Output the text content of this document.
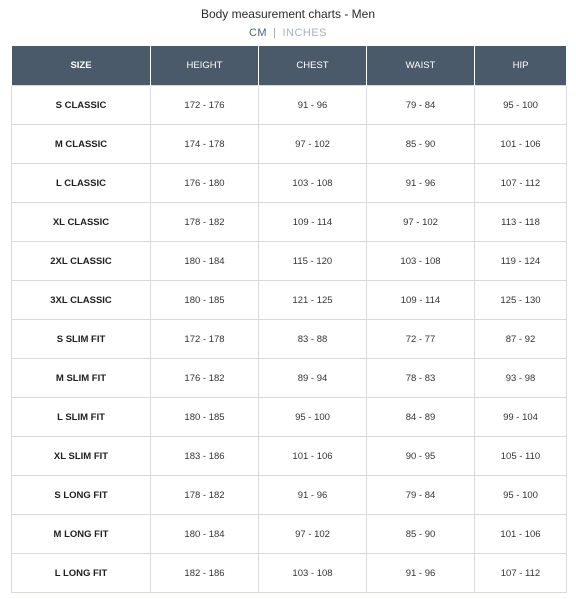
Body measurement charts - Men
CM | INCHES
SIZE	HEIGHT	CHEST	WAIST	HIP
S CLASSIC	172 - 176	91 - 96	79 - 84	95 - 100
M CLASSIC	174 - 178	97 - 102	85 - 90	101 - 106
L CLASSIC	176 - 180	103 - 108	91 - 96	107 - 112
XL CLASSIC	178 - 182	109 - 114	97 - 102	113 - 118
2XL CLASSIC	180 - 184	115 - 120	103 - 108	119 - 124
3XL CLASSIC	180 - 185	121 - 125	109 - 114	125 - 130
S SLIM FIT	172 - 178	83 - 88	72 - 77	87 - 92
M SLIM FIT	176 - 182	89 - 94	78 - 83	93 - 98
L SLIM FIT	180 - 185	95 - 100	84 - 89	99 - 104
XL SLIM FIT	183 - 186	101 - 106	90 - 95	105 - 110
S LONG FIT	178 - 182	91 - 96	79 - 84	95 - 100
M LONG FIT	180 - 184	97 - 102	85 - 90	101 - 106
L LONG FIT	182 - 186	103 - 108	91 - 96	107 - 112
